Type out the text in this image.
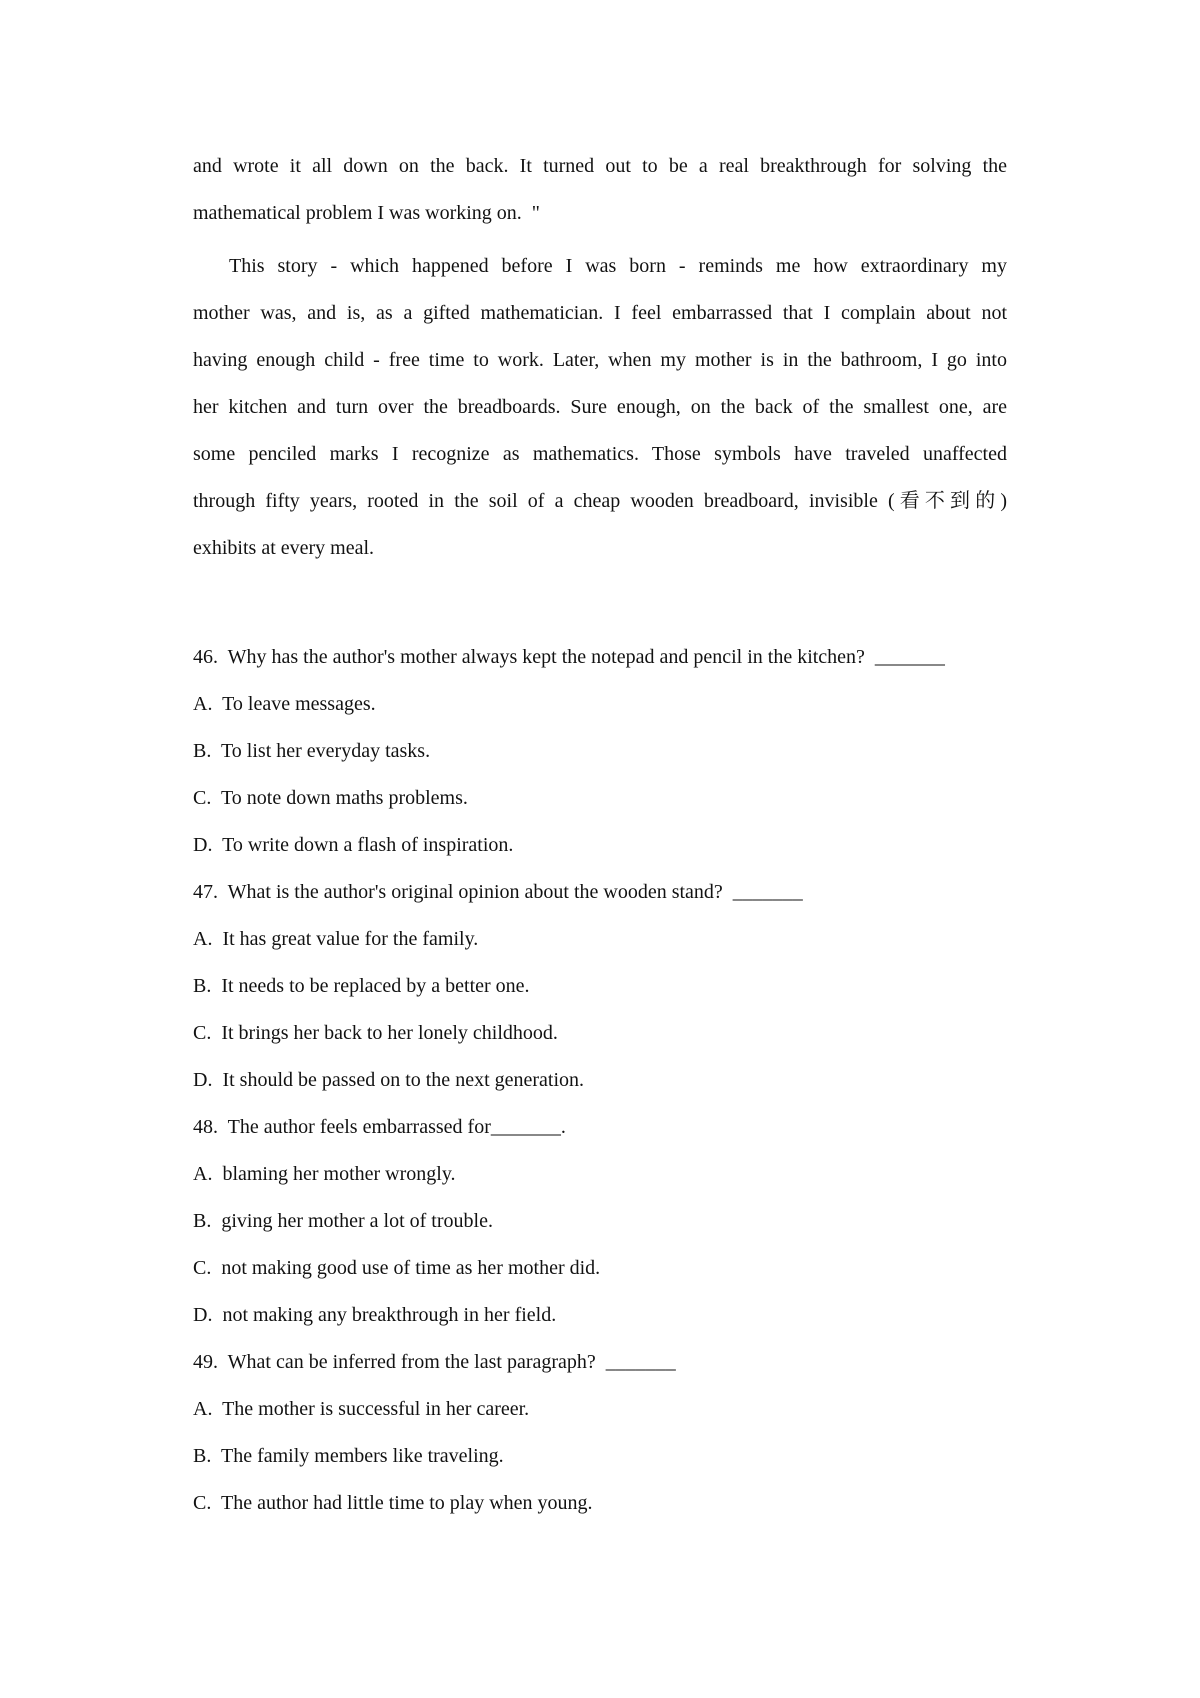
and wrote it all down on the back. It turned out to be a real breakthrough for solving the
mathematical problem I was working on.  "
This story - which happened before I was born - reminds me how extraordinary my
mother was, and is, as a gifted mathematician. I feel embarrassed that I complain about not
having enough child - free time to work. Later, when my mother is in the bathroom, I go into
her kitchen and turn over the breadboards. Sure enough, on the back of the smallest one, are
some penciled marks I recognize as mathematics. Those symbols have traveled unaffected
through fifty years, rooted in the soil of a cheap wooden breadboard, invisible (看不到的)
exhibits at every meal.
46.  Why has the author's mother always kept the notepad and pencil in the kitchen?  _______
A.  To leave messages.
B.  To list her everyday tasks.
C.  To note down maths problems.
D.  To write down a flash of inspiration.
47.  What is the author's original opinion about the wooden stand?  _______
A.  It has great value for the family.
B.  It needs to be replaced by a better one.
C.  It brings her back to her lonely childhood.
D.  It should be passed on to the next generation.
48.  The author feels embarrassed for_______.
A.  blaming her mother wrongly.
B.  giving her mother a lot of trouble.
C.  not making good use of time as her mother did.
D.  not making any breakthrough in her field.
49.  What can be inferred from the last paragraph?  _______
A.  The mother is successful in her career.
B.  The family members like traveling.
C.  The author had little time to play when young.
